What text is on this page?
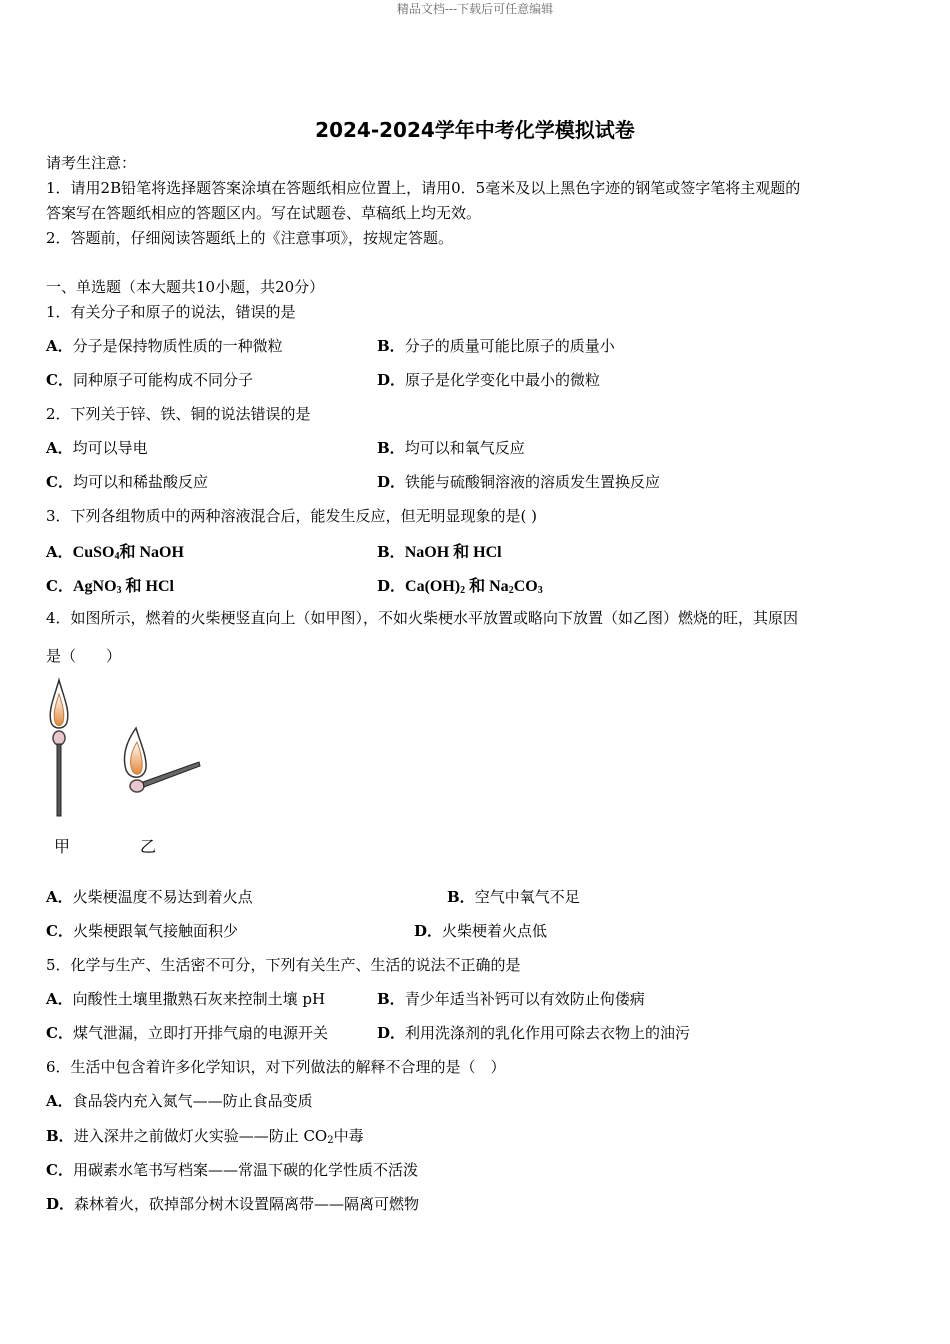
精品文档---下载后可任意编辑
2024-2024学年中考化学模拟试卷
请考生注意：
1．请用2B铅笔将选择题答案涂填在答题纸相应位置上，请用0．5毫米及以上黑色字迹的钢笔或签字笔将主观题的
答案写在答题纸相应的答题区内。写在试题卷、草稿纸上均无效。
2．答题前，仔细阅读答题纸上的《注意事项》，按规定答题。
一、单选题（本大题共10小题，共20分）
1．有关分子和原子的说法，错误的是
A．分子是保持物质性质的一种微粒	B．分子的质量可能比原子的质量小
C．同种原子可能构成不同分子	D．原子是化学变化中最小的微粒
2．下列关于锌、铁、铜的说法错误的是
A．均可以导电	B．均可以和氧气反应
C．均可以和稀盐酸反应	D．铁能与硫酸铜溶液的溶质发生置换反应
3．下列各组物质中的两种溶液混合后，能发生反应，但无明显现象的是( )
A．CuSO$_4$和 NaOH	B．NaOH 和 HCl
C．AgNO$_3$ 和 HCl	D．$Ca(OH)_2$ 和 $Na_2CO_3$
4．如图所示，燃着的火柴梗竖直向上（如甲图），不如火柴梗水平放置或略向下放置（如乙图）燃烧的旺，其原因
是（　　）
甲	乙
A．火柴梗温度不易达到着火点	B．空气中氧气不足
C．火柴梗跟氧气接触面积少	D．火柴梗着火点低
5．化学与生产、生活密不可分，下列有关生产、生活的说法不正确的是
A．向酸性土壤里撒熟石灰来控制土壤 pH	B．青少年适当补钙可以有效防止佝偻病
C．煤气泄漏，立即打开排气扇的电源开关	D．利用洗涤剂的乳化作用可除去衣物上的油污
6．生活中包含着许多化学知识，对下列做法的解释不合理的是（　）
A．食品袋内充入氮气——防止食品变质
B．进入深井之前做灯火实验——防止 $CO_2$中毒
C．用碳素水笔书写档案——常温下碳的化学性质不活泼
D．森林着火，砍掉部分树木设置隔离带——隔离可燃物
